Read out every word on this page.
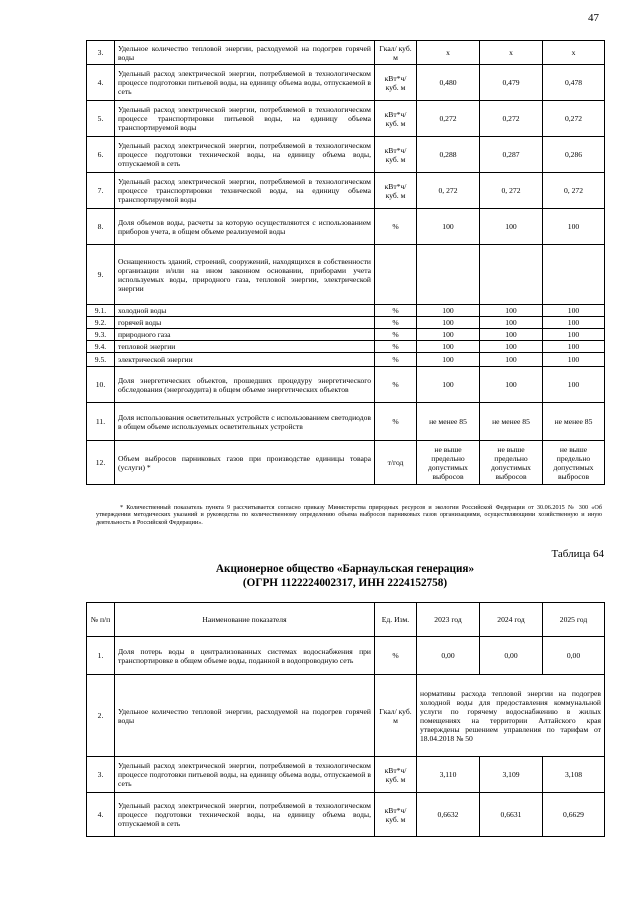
47
3.	Удельное количество тепловой энергии, расходуемой на подогрев горячей воды	Гкал/ куб. м	x	x	x
4.	Удельный расход электрической энергии, потребляемой в технологическом процессе подготовки питьевой воды, на единицу объема воды, отпускаемой в сеть	кВт*ч/ куб. м	0,480	0,479	0,478
5.	Удельный расход электрической энергии, потребляемой в технологическом процессе транспортировки питьевой воды, на единицу объема транспортируемой воды	кВт*ч/ куб. м	0,272	0,272	0,272
6.	Удельный расход электрической энергии, потребляемой в технологическом процессе подготовки технической воды, на единицу объема воды, отпускаемой в сеть	кВт*ч/ куб. м	0,288	0,287	0,286
7.	Удельный расход электрической энергии, потребляемой в технологическом процессе транспортировки технической воды, на единицу объема транспортируемой воды	кВт*ч/ куб. м	0, 272	0, 272	0, 272
8.	Доля объемов воды, расчеты за которую осуществляются с использованием приборов учета, в общем объеме реализуемой воды	%	100	100	100
9.	Оснащенность зданий, строений, сооружений, находящихся в собственности организации и/или на ином законном основании, приборами учета используемых воды, природного газа, тепловой энергии, электрической энергии				
9.1.	холодной воды	%	100	100	100
9.2.	горячей воды	%	100	100	100
9.3.	природного газа	%	100	100	100
9.4.	тепловой энергии	%	100	100	100
9.5.	электрической энергии	%	100	100	100
10.	Доля энергетических объектов, прошедших процедуру энергетического обследования (энергоаудита) в общем объеме энергетических объектов	%	100	100	100
11.	Доля использования осветительных устройств с использованием светодиодов в общем объеме используемых осветительных устройств	%	не менее 85	не менее 85	не менее 85
12.	Объем выбросов парниковых газов при производстве единицы товара (услуги) *	т/год	не выше предельно допустимых выбросов	не выше предельно допустимых выбросов	не выше предельно допустимых выбросов
* Количественный показатель пункта 9 рассчитывается согласно приказу Министерства природных ресурсов и экологии Российской Федерации от 30.06.2015 № 300 «Об утверждении методических указаний и руководства по количественному определению объема выбросов парниковых газов организациями, осуществляющими хозяйственную и иную деятельность в Российской Федерации».
Таблица 64
Акционерное общество «Барнаульская генерация»
(ОГРН 1122224002317, ИНН 2224152758)
№ п/п	Наименование показателя	Ед. Изм.	2023 год	2024 год	2025 год
1.	Доля потерь воды в централизованных системах водоснабжения при транспортировке в общем объеме воды, поданной в водопроводную сеть	%	0,00	0,00	0,00
2.	Удельное количество тепловой энергии, расходуемой на подогрев горячей воды	Гкал/ куб. м	нормативы расхода тепловой энергии на подогрев холодной воды для предоставления коммунальной услуги по горячему водоснабжению в жилых помещениях на территории Алтайского края утверждены решением управления по тарифам от 18.04.2018 № 50		
3.	Удельный расход электрической энергии, потребляемой в технологическом процессе подготовки питьевой воды, на единицу объема воды, отпускаемой в сеть	кВт*ч/ куб. м	3,110	3,109	3,108
4.	Удельный расход электрической энергии, потребляемой в технологическом процессе подготовки технической воды, на единицу объема воды, отпускаемой в сеть	кВт*ч/ куб. м	0,6632	0,6631	0,6629
